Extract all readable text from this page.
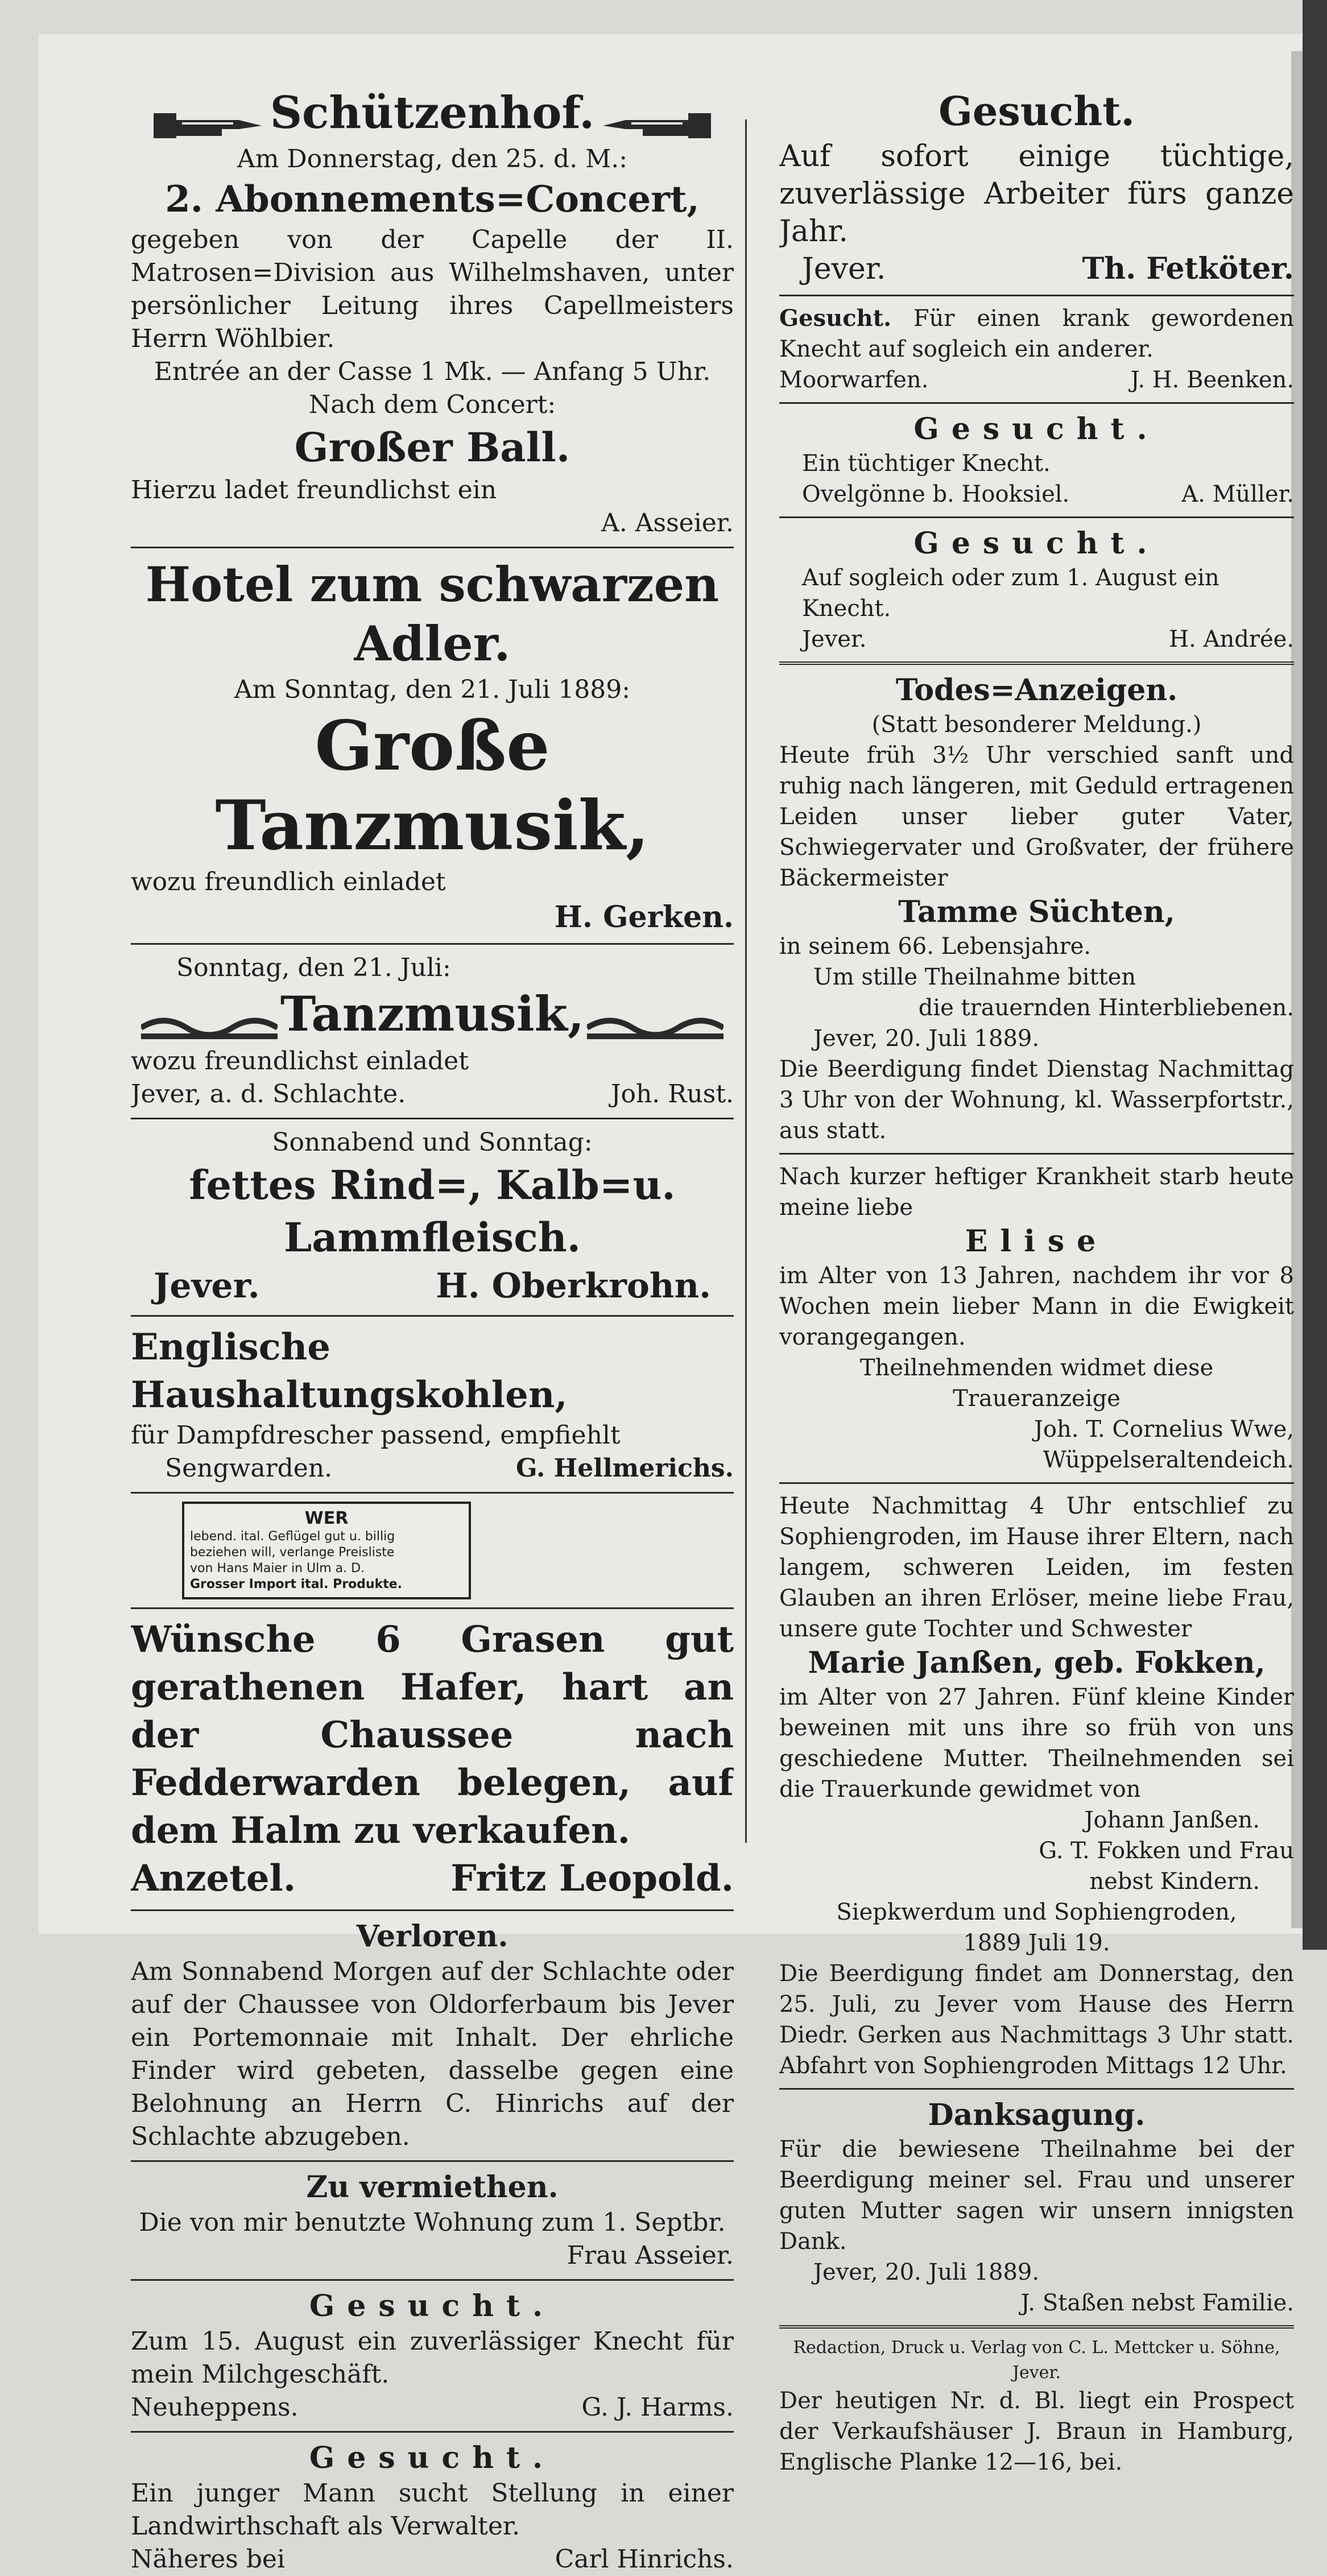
Schützenhof.

Am Donnerstag, den 25. d. M.:

2. Abonnements=Concert,

gegeben von der Capelle der II. Matrosen=Division aus Wilhelmshaven, unter persönlicher Leitung ihres Capellmeisters Herrn Wöhlbier.

Entrée an der Casse 1 Mk. — Anfang 5 Uhr.

Nach dem Concert:

Großer Ball.

Hierzu ladet freundlichst ein

A. Asseier.

Hotel zum schwarzen Adler.

Am Sonntag, den 21. Juli 1889:

Große Tanzmusik,

wozu freundlich einladet

H. Gerken.

Sonntag, den 21. Juli:

Tanzmusik,

wozu freundlichst einladet

Jever, a. d. Schlachte.	Joh. Rust.

Sonnabend und Sonntag:

fettes Rind=, Kalb=u. Lammfleisch.

Jever.	H. Oberkrohn.

Englische Haushaltungskohlen,

für Dampfdrescher passend, empfiehlt

Sengwarden.	G. Hellmerichs.
WER
lebend. ital. Geflügel gut u. billig
beziehen will, verlange Preisliste
von Hans Maier in Ulm a. D.
Grosser Import ital. Produkte.

Wünsche 6 Grasen gut gerathenen Hafer, hart an der Chaussee nach Fedderwarden belegen, auf dem Halm zu verkaufen.

Anzetel.	Fritz Leopold.

Verloren.

Am Sonnabend Morgen auf der Schlachte oder auf der Chaussee von Oldorferbaum bis Jever ein Portemonnaie mit Inhalt. Der ehrliche Finder wird gebeten, dasselbe gegen eine Belohnung an Herrn C. Hinrichs auf der Schlachte abzugeben.

Zu vermiethen.

Die von mir benutzte Wohnung zum 1. Septbr.

Frau Asseier.

Gesucht.

Zum 15. August ein zuverlässiger Knecht für mein Milchgeschäft.

Neuheppens.	G. J. Harms.

Gesucht.

Ein junger Mann sucht Stellung in einer Landwirthschaft als Verwalter.

Näheres bei	Carl Hinrichs.

Gesucht.

Auf sofort einige tüchtige, zuverlässige Arbeiter fürs ganze Jahr.

Jever.	Th. Fetköter.

Gesucht. Für einen krank gewordenen Knecht auf sogleich ein anderer.

Moorwarfen.	J. H. Beenken.

Gesucht.

Ein tüchtiger Knecht.

Ovelgönne b. Hooksiel.	A. Müller.

Gesucht.

Auf sogleich oder zum 1. August ein Knecht.

Jever.	H. Andrée.

Todes=Anzeigen.

(Statt besonderer Meldung.)

Heute früh 3½ Uhr verschied sanft und ruhig nach längeren, mit Geduld ertragenen Leiden unser lieber guter Vater, Schwiegervater und Großvater, der frühere Bäckermeister

Tamme Süchten,

in seinem 66. Lebensjahre.

Um stille Theilnahme bitten

die trauernden Hinterbliebenen.

Jever, 20. Juli 1889.

Die Beerdigung findet Dienstag Nachmittag 3 Uhr von der Wohnung, kl. Wasserpfortstr., aus statt.

Nach kurzer heftiger Krankheit starb heute meine liebe

Elise

im Alter von 13 Jahren, nachdem ihr vor 8 Wochen mein lieber Mann in die Ewigkeit vorangegangen.

Theilnehmenden widmet diese Traueranzeige

Joh. T. Cornelius Wwe,

Wüppelseraltendeich.

Heute Nachmittag 4 Uhr entschlief zu Sophiengroden, im Hause ihrer Eltern, nach langem, schweren Leiden, im festen Glauben an ihren Erlöser, meine liebe Frau, unsere gute Tochter und Schwester

Marie Janßen, geb. Fokken,

im Alter von 27 Jahren. Fünf kleine Kinder beweinen mit uns ihre so früh von uns geschiedene Mutter. Theilnehmenden sei die Trauerkunde gewidmet von

Johann Janßen.

G. T. Fokken und Frau

nebst Kindern.

Siepkwerdum und Sophiengroden,

1889 Juli 19.

Die Beerdigung findet am Donnerstag, den 25. Juli, zu Jever vom Hause des Herrn Diedr. Gerken aus Nachmittags 3 Uhr statt. Abfahrt von Sophiengroden Mittags 12 Uhr.

Danksagung.

Für die bewiesene Theilnahme bei der Beerdigung meiner sel. Frau und unserer guten Mutter sagen wir unsern innigsten Dank.

Jever, 20. Juli 1889.

J. Staßen nebst Familie.

Redaction, Druck u. Verlag von C. L. Mettcker u. Söhne, Jever.

Der heutigen Nr. d. Bl. liegt ein Prospect der Verkaufshäuser J. Braun in Hamburg, Englische Planke 12—16, bei.
